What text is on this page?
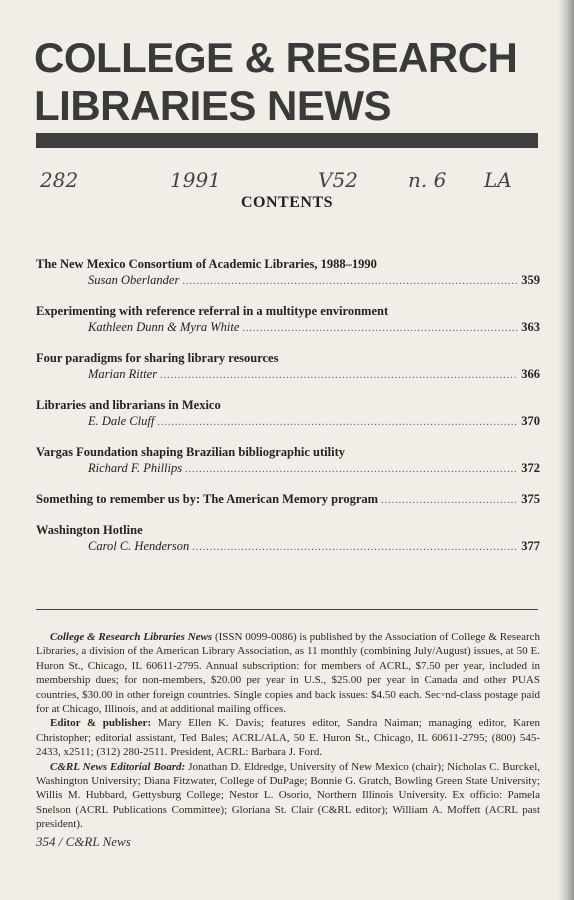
COLLEGE & RESEARCH
LIBRARIES NEWS
282	1991	V52	n. 6 LA
CONTENTS
The New Mexico Consortium of Academic Libraries, 1988–1990
Susan Oberlander .....	359
Experimenting with reference referral in a multitype environment
Kathleen Dunn & Myra White .....	363
Four paradigms for sharing library resources
Marian Ritter .....	366
Libraries and librarians in Mexico
E. Dale Cluff .....	370
Vargas Foundation shaping Brazilian bibliographic utility
Richard F. Phillips .....	372
Something to remember us by: The American Memory program .....	375
Washington Hotline
Carol C. Henderson .....	377

College & Research Libraries News (ISSN 0099-0086) is published by the Association of College & Research Libraries, a division of the American Library Association, as 11 monthly (combining July/August) issues, at 50 E. Huron St., Chicago, IL 60611-2795. Annual subscription: for members of ACRL, $7.50 per year, included in membership dues; for non-members, $20.00 per year in U.S., $25.00 per year in Canada and other PUAS countries, $30.00 in other foreign countries. Single copies and back issues: $4.50 each. Sec◦nd-class postage paid for at Chicago, Illinois, and at additional mailing offices.

Editor & publisher: Mary Ellen K. Davis; features editor, Sandra Naiman; managing editor, Karen Christopher; editorial assistant, Ted Bales; ACRL/ALA, 50 E. Huron St., Chicago, IL 60611-2795; (800) 545-2433, x2511; (312) 280-2511. President, ACRL: Barbara J. Ford.

C&RL News Editorial Board: Jonathan D. Eldredge, University of New Mexico (chair); Nicholas C. Burckel, Washington University; Diana Fitzwater, College of DuPage; Bonnie G. Gratch, Bowling Green State University; Willis M. Hubbard, Gettysburg College; Nestor L. Osorio, Northern Illinois University. Ex officio: Pamela Snelson (ACRL Publications Committee); Gloriana St. Clair (C&RL editor); William A. Moffett (ACRL past president).

354 / C&RL News
